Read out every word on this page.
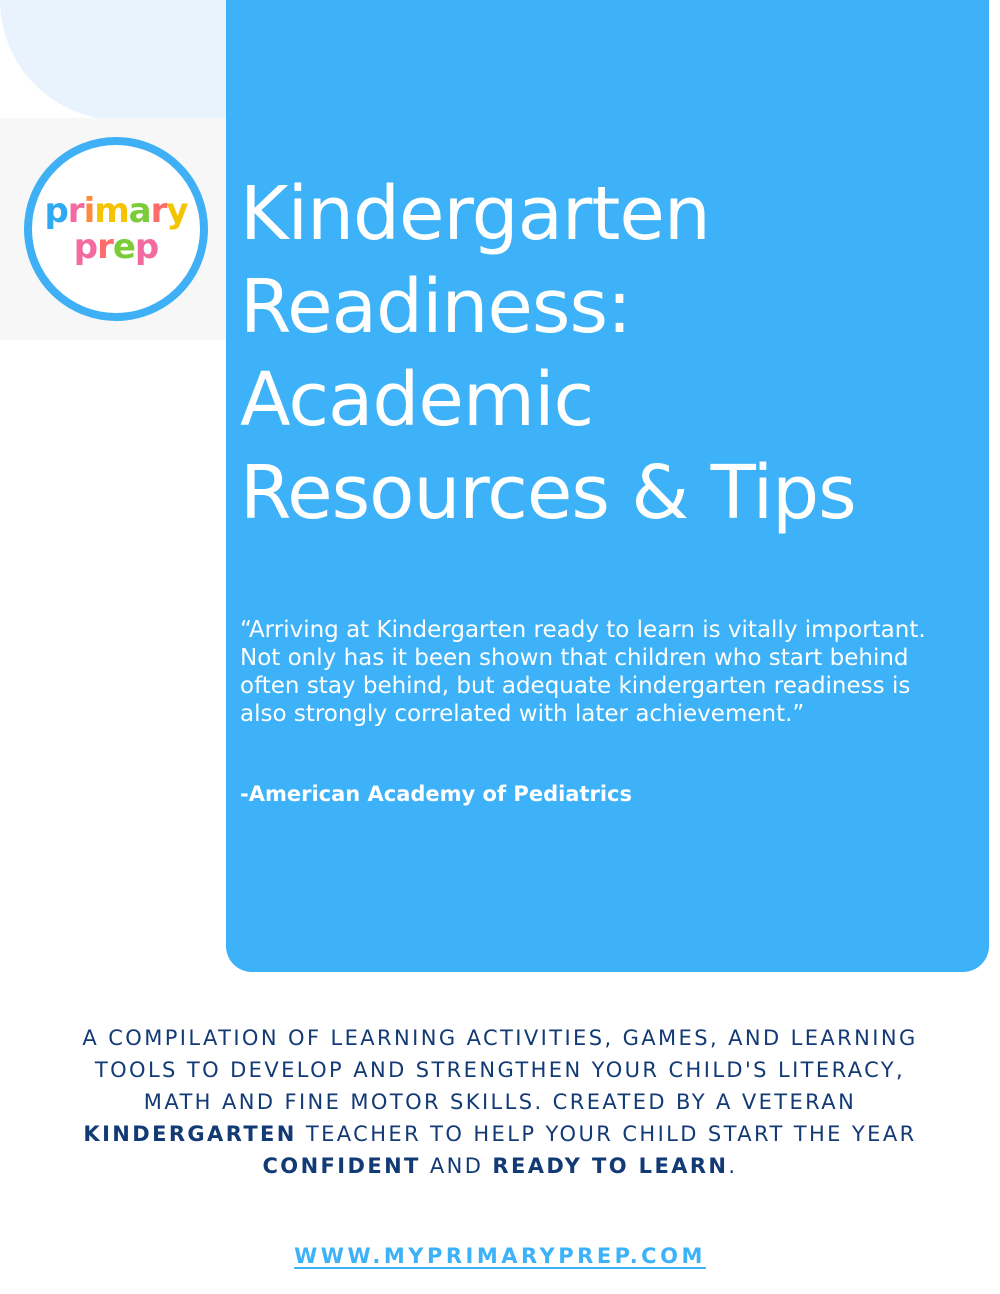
primary
prep Kindergarten
Readiness:
Academic
Resources & Tips

“Arriving at Kindergarten ready to learn is vitally important. Not only has it been shown that children who start behind often stay behind, but adequate kindergarten readiness is also strongly correlated with later achievement.”

-American Academy of Pediatrics

A COMPILATION OF LEARNING ACTIVITIES, GAMES, AND LEARNING TOOLS TO DEVELOP AND STRENGTHEN YOUR CHILD'S LITERACY, MATH AND FINE MOTOR SKILLS. CREATED BY A VETERAN KINDERGARTEN TEACHER TO HELP YOUR CHILD START THE YEAR CONFIDENT AND READY TO LEARN.

WWW.MYPRIMARYPREP.COM
